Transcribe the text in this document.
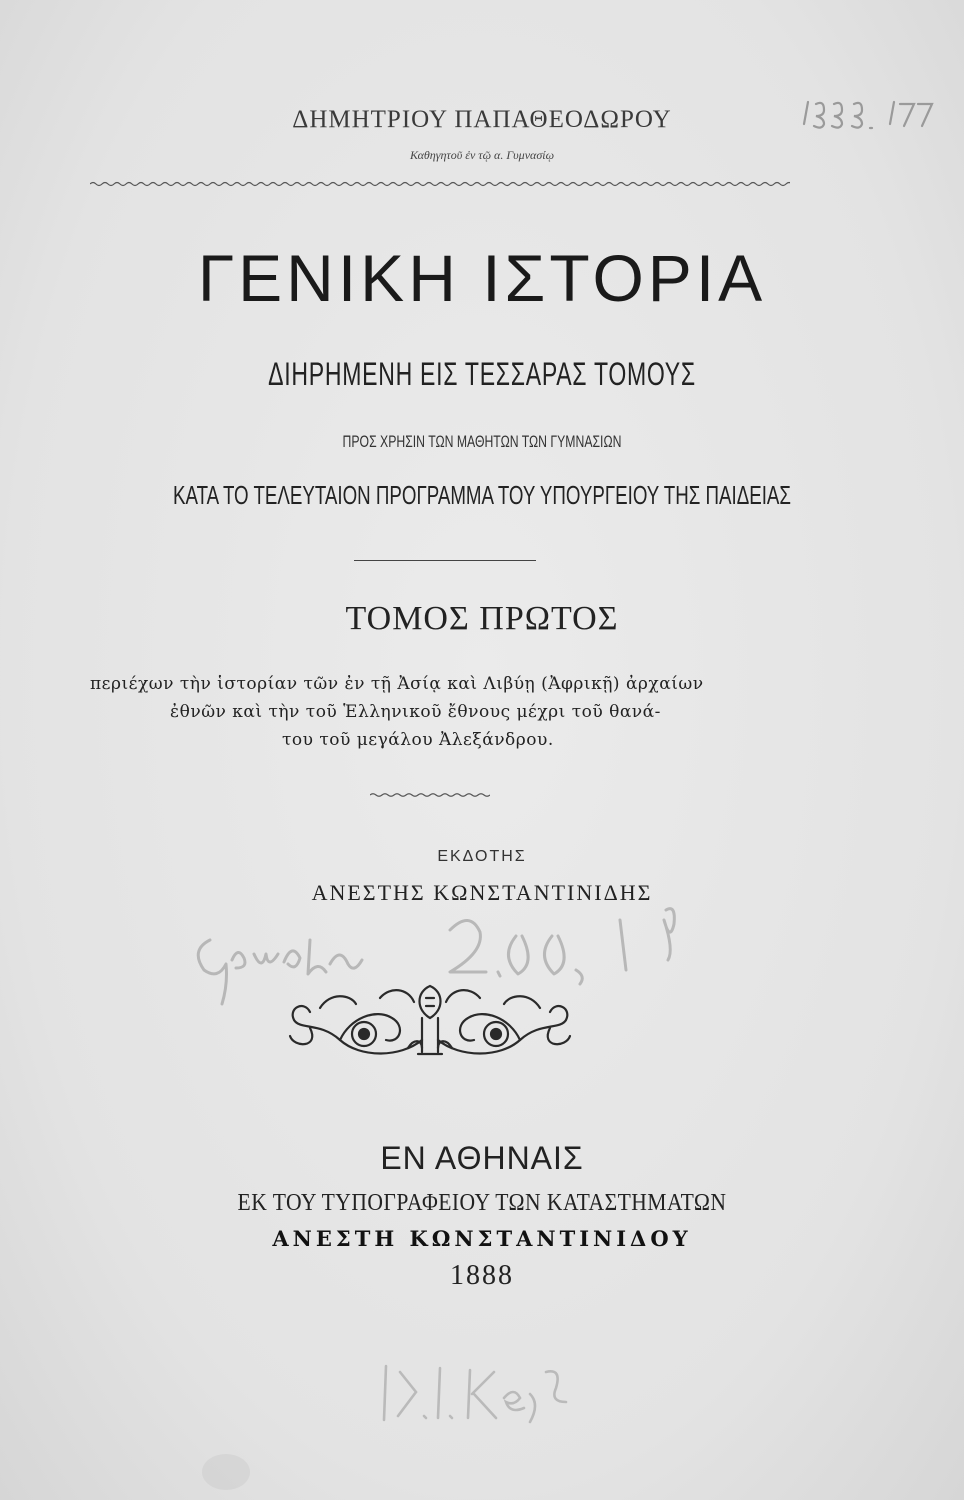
ΔΗΜΗΤΡΙΟΥ ΠΑΠΑΘΕΟΔΩΡΟΥ
Καθηγητοῦ ἐν τῷ α. Γυμνασίῳ
ΓΕΝΙΚΗ ΙΣΤΟΡΙΑ
ΔΙΗΡΗΜΕΝΗ ΕΙΣ ΤΕΣΣΑΡΑΣ ΤΟΜΟΥΣ
ΠΡΟΣ ΧΡΗΣΙΝ ΤΩΝ ΜΑΘΗΤΩΝ ΤΩΝ ΓΥΜΝΑΣΙΩΝ
ΚΑΤΑ ΤΟ ΤΕΛΕΥΤΑΙΟΝ ΠΡΟΓΡΑΜΜΑ ΤΟΥ ΥΠΟΥΡΓΕΙΟΥ ΤΗΣ ΠΑΙΔΕΙΑΣ
ΤΟΜΟΣ ΠΡΩΤΟΣ
περιέχων τὴν ἱστορίαν τῶν ἐν τῇ Ἀσίᾳ καὶ Λιβύῃ (Ἀφρικῇ) ἀρχαίων
ἐθνῶν καὶ τὴν τοῦ Ἑλληνικοῦ ἔθνους μέχρι τοῦ θανά-
του τοῦ μεγάλου Ἀλεξάνδρου.
ΕΚΔΟΤΗΣ
ΑΝΕΣΤΗΣ ΚΩΝΣΤΑΝΤΙΝΙΔΗΣ
ΕΝ ΑΘΗΝΑΙΣ
ΕΚ ΤΟΥ ΤΥΠΟΓΡΑΦΕΙΟΥ ΤΩΝ ΚΑΤΑΣΤΗΜΑΤΩΝ
ΑΝΕΣΤΗ ΚΩΝΣΤΑΝΤΙΝΙΔΟΥ
1888
